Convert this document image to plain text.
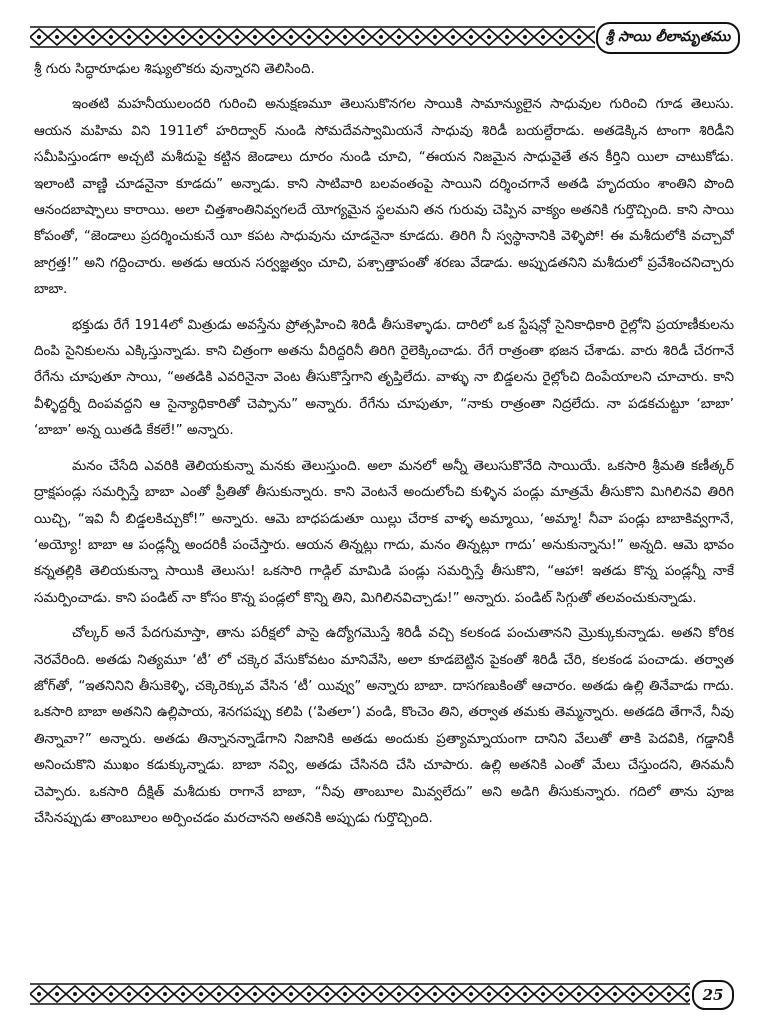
శ్రీ సాయి లీలామృతము

శ్రీ గురు సిద్ధారూఢుల శిష్యులొకరు వున్నారని తెలిసింది.

ఇంతటి మహనీయులందరి గురించి అనుక్షణమూ తెలుసుకొనగల సాయికి సామాన్యులైన సాధువుల గురించి గూడ తెలుసు. ఆయన మహిమ విని 1911లో హరిద్వార్ నుండి సోమదేవస్వామియనే సాధువు శిరిడీ బయల్దేరాడు. అతడెక్కిన టాంగా శిరిడీని సమీపిస్తుండగా అచ్చటి మశీదుపై కట్టిన జెండాలు దూరం నుండి చూచి, “ఈయన నిజమైన సాధువైతే తన కీర్తిని యిలా చాటుకోడు. ఇలాంటి వాణ్ణి చూడనైనా కూడదు” అన్నాడు. కాని సాటివారి బలవంతంపై సాయిని దర్శించగానే అతడి హృదయం శాంతిని పొంది ఆనందబాష్పాలు కారాయి. అలా చిత్తశాంతినివ్వగలదే యోగ్యమైన స్థలమని తన గురువు చెప్పిన వాక్యం అతనికి గుర్తొచ్చింది. కాని సాయి కోపంతో, “జెండాలు ప్రదర్శించుకునే యీ కపట సాధువును చూడనైనా కూడదు. తిరిగి నీ స్వస్థానానికి వెళ్ళిపో! ఈ మశీదులోకి వచ్చావో జాగ్రత్త!” అని గద్దించారు. అతడు ఆయన సర్వజ్ఞత్వం చూచి, పశ్చాత్తాపంతో శరణు వేడాడు. అప్పుడతనిని మశీదులో ప్రవేశించనిచ్చారు బాబా.

భక్తుడు రేగే 1914లో మిత్రుడు అవస్తేను ప్రోత్సహించి శిరిడీ తీసుకెళ్ళాడు. దారిలో ఒక స్టేషన్లో సైనికాధికారి రైల్లోని ప్రయాణీకులను దింపి సైనికులను ఎక్కిస్తున్నాడు. కాని చిత్రంగా అతను వీరిద్దరినీ తిరిగి రైలెక్కించాడు. రేగే రాత్రంతా భజన చేశాడు. వారు శిరిడీ చేరగానే రేగేను చూపుతూ సాయి, “అతడికి ఎవరినైనా వెంట తీసుకొస్తేగాని తృప్తిలేదు. వాళ్ళు నా బిడ్డలను రైల్లోంచి దింపేయాలని చూచారు. కాని వీళ్ళిద్దర్నీ దింపవద్దని ఆ సైన్యాధికారితో చెప్పాను” అన్నారు. రేగేను చూపుతూ, “నాకు రాత్రంతా నిద్రలేదు. నా పడకచుట్టూ ‘బాబా’ ‘బాబా’ అన్న యితడి కేకలే!” అన్నారు.

మనం చేసేది ఎవరికి తెలియకున్నా మనకు తెలుస్తుంది. అలా మనలో అన్నీ తెలుసుకొనేది సాయియే. ఒకసారి శ్రీమతి కణీత్కర్ ద్రాక్షపండ్లు సమర్పిస్తే బాబా ఎంతో ప్రీతితో తీసుకున్నారు. కాని వెంటనే అందులోంచి కుళ్ళిన పండ్లు మాత్రమే తీసుకొని మిగిలినవి తిరిగి యిచ్చి, “ఇవి నీ బిడ్డలకిచ్చుకో!” అన్నారు. ఆమె బాధపడుతూ యిల్లు చేరాక వాళ్ళ అమ్మాయి, ‘అమ్మా! నీవా పండ్లు బాబాకివ్వగానే, ‘అయ్యో! బాబా ఆ పండ్లన్నీ అందరికీ పంచేస్తారు. ఆయన తిన్నట్లు గాదు, మనం తిన్నట్లూ గాదు’ అనుకున్నాను!” అన్నది. ఆమె భావం కన్నతల్లికి తెలియకున్నా సాయికి తెలుసు! ఒకసారి గాడ్గిల్ మామిడి పండ్లు సమర్పిస్తే తీసుకొని, “ఆహా! ఇతడు కొన్న పండ్లన్నీ నాకే సమర్పించాడు. కాని పండిట్ నా కోసం కొన్న పండ్లలో కొన్ని తిని, మిగిలినవిచ్చాడు!” అన్నారు. పండిట్ సిగ్గుతో తలవంచుకున్నాడు.

చోల్కర్ అనే పేదగుమాస్తా, తాను పరీక్షలో పాసై ఉద్యోగమొస్తే శిరిడీ వచ్చి కలకండ పంచుతానని మ్రొక్కుకున్నాడు. అతని కోరిక నెరవేరింది. అతడు నిత్యమూ ‘టీ’ లో చక్కెర వేసుకోవటం మానివేసి, అలా కూడబెట్టిన పైకంతో శిరిడీ చేరి, కలకండ పంచాడు. తర్వాత జోగ్‌తో, “ఇతనినిని తీసుకెళ్ళి, చక్కెరెక్కువ వేసిన ‘టీ’ యివ్వు” అన్నారు బాబా. దాసగణుకింతో ఆచారం. అతడు ఉల్లి తినేవాడు గాదు. ఒకసారి బాబా అతనిని ఉల్లిపాయ, శెనగపప్పు కలిపి (‘పితలా’) వండి, కొంచెం తిని, తర్వాత తమకు తెమ్మన్నారు. అతడది తేగానే, నీవు తిన్నావా?” అన్నారు. అతడు తిన్నానన్నాడేగాని నిజానికి అతడు అందుకు ప్రత్యామ్నాయంగా దానిని వేలుతో తాకి పెదవికి, గడ్డానికీ అనించుకొని ముఖం కడుక్కున్నాడు. బాబా నవ్వి, అతడు చేసినది చేసి చూపారు. ఉల్లి అతనికి ఎంతో మేలు చేస్తుందని, తినమనీ చెప్పారు. ఒకసారి దీక్షిత్ మశీదుకు రాగానే బాబా, “నీవు తాంబూల మివ్వలేదు” అని అడిగి తీసుకున్నారు. గదిలో తాను పూజ చేసినప్పుడు తాంబూలం అర్పించడం మరచానని అతనికి అప్పుడు గుర్తొచ్చింది.

25
